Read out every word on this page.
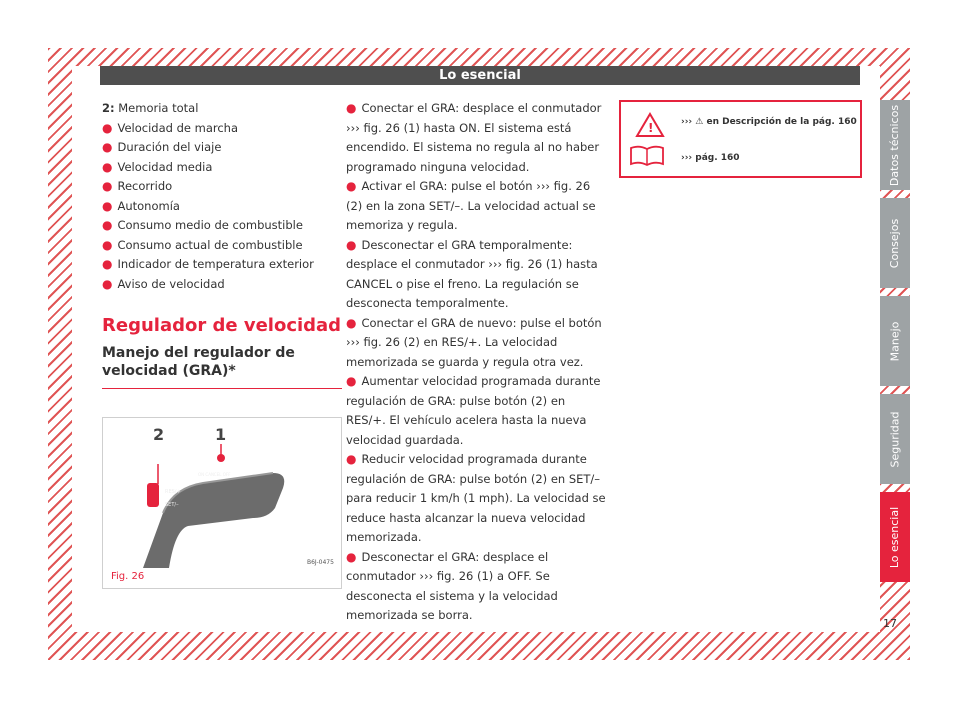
Lo esencial

2: Memoria total

● Velocidad de marcha

● Duración del viaje

● Velocidad media

● Recorrido

● Autonomía

● Consumo medio de combustible

● Consumo actual de combustible

● Indicador de temperatura exterior

● Aviso de velocidad

Regulador de velocidad
Manejo del regulador de velocidad (GRA)*
2	1
RES/+
SET/–
ON CANCEL OFF
B6J-0475
Fig. 26

● Conectar el GRA: desplace el conmutador ››› fig. 26 (1) hasta ON. El sistema está encendido. El sistema no regula al no haber programado ninguna velocidad.

● Activar el GRA: pulse el botón ››› fig. 26 (2) en la zona SET/–. La velocidad actual se memoriza y regula.

● Desconectar el GRA temporalmente: desplace el conmutador ››› fig. 26 (1) hasta CANCEL o pise el freno. La regulación se desconecta temporalmente.

● Conectar el GRA de nuevo: pulse el botón ››› fig. 26 (2) en RES/+. La velocidad memorizada se guarda y regula otra vez.

● Aumentar velocidad programada durante regulación de GRA: pulse botón (2) en RES/+. El vehículo acelera hasta la nueva velocidad guardada.

● Reducir velocidad programada durante regulación de GRA: pulse botón (2) en SET/– para reducir 1 km/h (1 mph). La velocidad se reduce hasta alcanzar la nueva velocidad memorizada.

● Desconectar el GRA: desplace el conmutador ››› fig. 26 (1) a OFF. Se desconecta el sistema y la velocidad memorizada se borra.

!	››› ⚠ en Descripción de la pág. 160
››› pág. 160	Datos técnicos
Consejos
Manejo
Seguridad
Lo esencial
17
